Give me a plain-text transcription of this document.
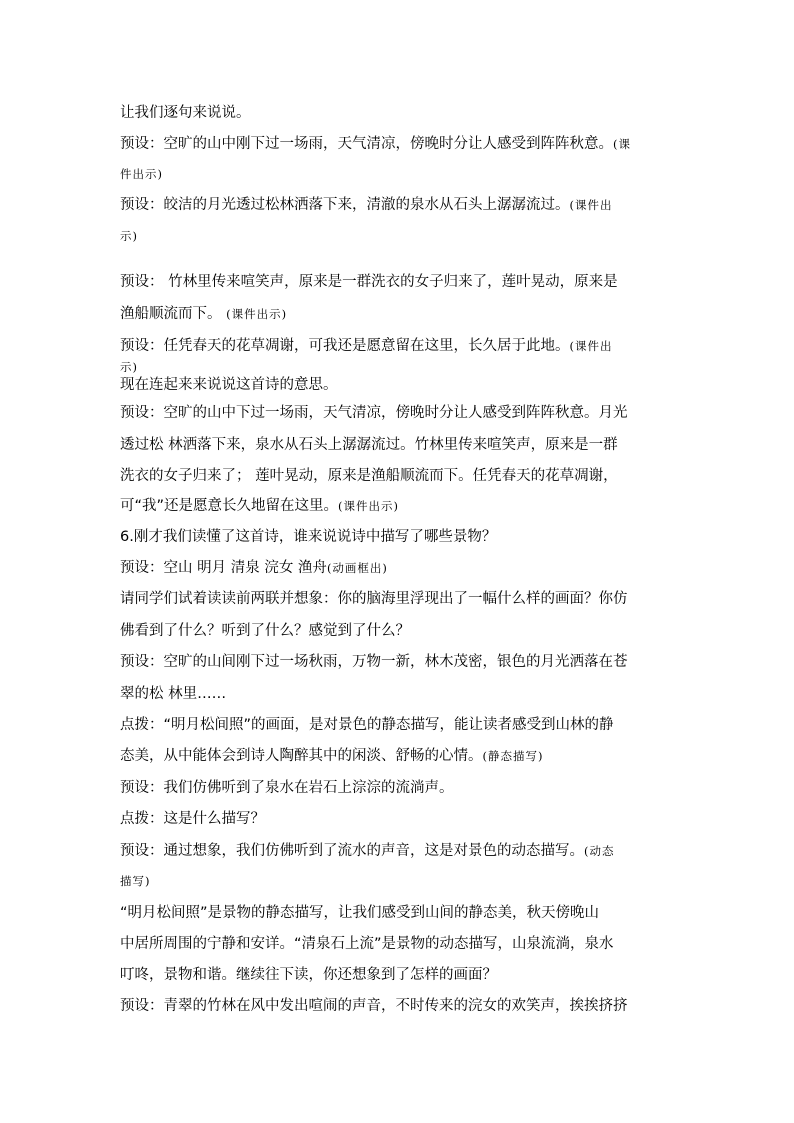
让我们逐句来说说。
预设：空旷的山中刚下过一场雨，天气清凉，傍晚时分让人感受到阵阵秋意。(课
件出示)
预设：皎洁的月光透过松林洒落下来，清澈的泉水从石头上潺潺流过。(课件出
示)
预设： 竹林里传来喧笑声，原来是一群洗衣的女子归来了，莲叶晃动，原来是
渔船顺流而下。 (课件出示)
预设：任凭春天的花草凋谢，可我还是愿意留在这里，长久居于此地。(课件出
示)
现在连起来来说说这首诗的意思。
预设：空旷的山中下过一场雨，天气清凉，傍晚时分让人感受到阵阵秋意。月光
透过松 林洒落下来，泉水从石头上潺潺流过。竹林里传来喧笑声，原来是一群
洗衣的女子归来了； 莲叶晃动，原来是渔船顺流而下。任凭春天的花草凋谢，
可“我”还是愿意长久地留在这里。(课件出示)
6.刚才我们读懂了这首诗，谁来说说诗中描写了哪些景物？
预设：空山 明月 清泉 浣女 渔舟(动画框出)
请同学们试着读读前两联并想象：你的脑海里浮现出了一幅什么样的画面？你仿
佛看到了什么？听到了什么？感觉到了什么？
预设：空旷的山间刚下过一场秋雨，万物一新，林木茂密，银色的月光洒落在苍
翠的松 林里……
点拨：“明月松间照”的画面，是对景色的静态描写，能让读者感受到山林的静
态美，从中能体会到诗人陶醉其中的闲淡、舒畅的心情。(静态描写)
预设：我们仿佛听到了泉水在岩石上淙淙的流淌声。
点拨：这是什么描写？
预设：通过想象，我们仿佛听到了流水的声音，这是对景色的动态描写。(动态
描写)
“明月松间照”是景物的静态描写，让我们感受到山间的静态美，秋天傍晚山
中居所周围的宁静和安详。“清泉石上流”是景物的动态描写，山泉流淌，泉水
叮咚，景物和谐。继续往下读，你还想象到了怎样的画面？
预设：青翠的竹林在风中发出喧闹的声音，不时传来的浣女的欢笑声，挨挨挤挤
